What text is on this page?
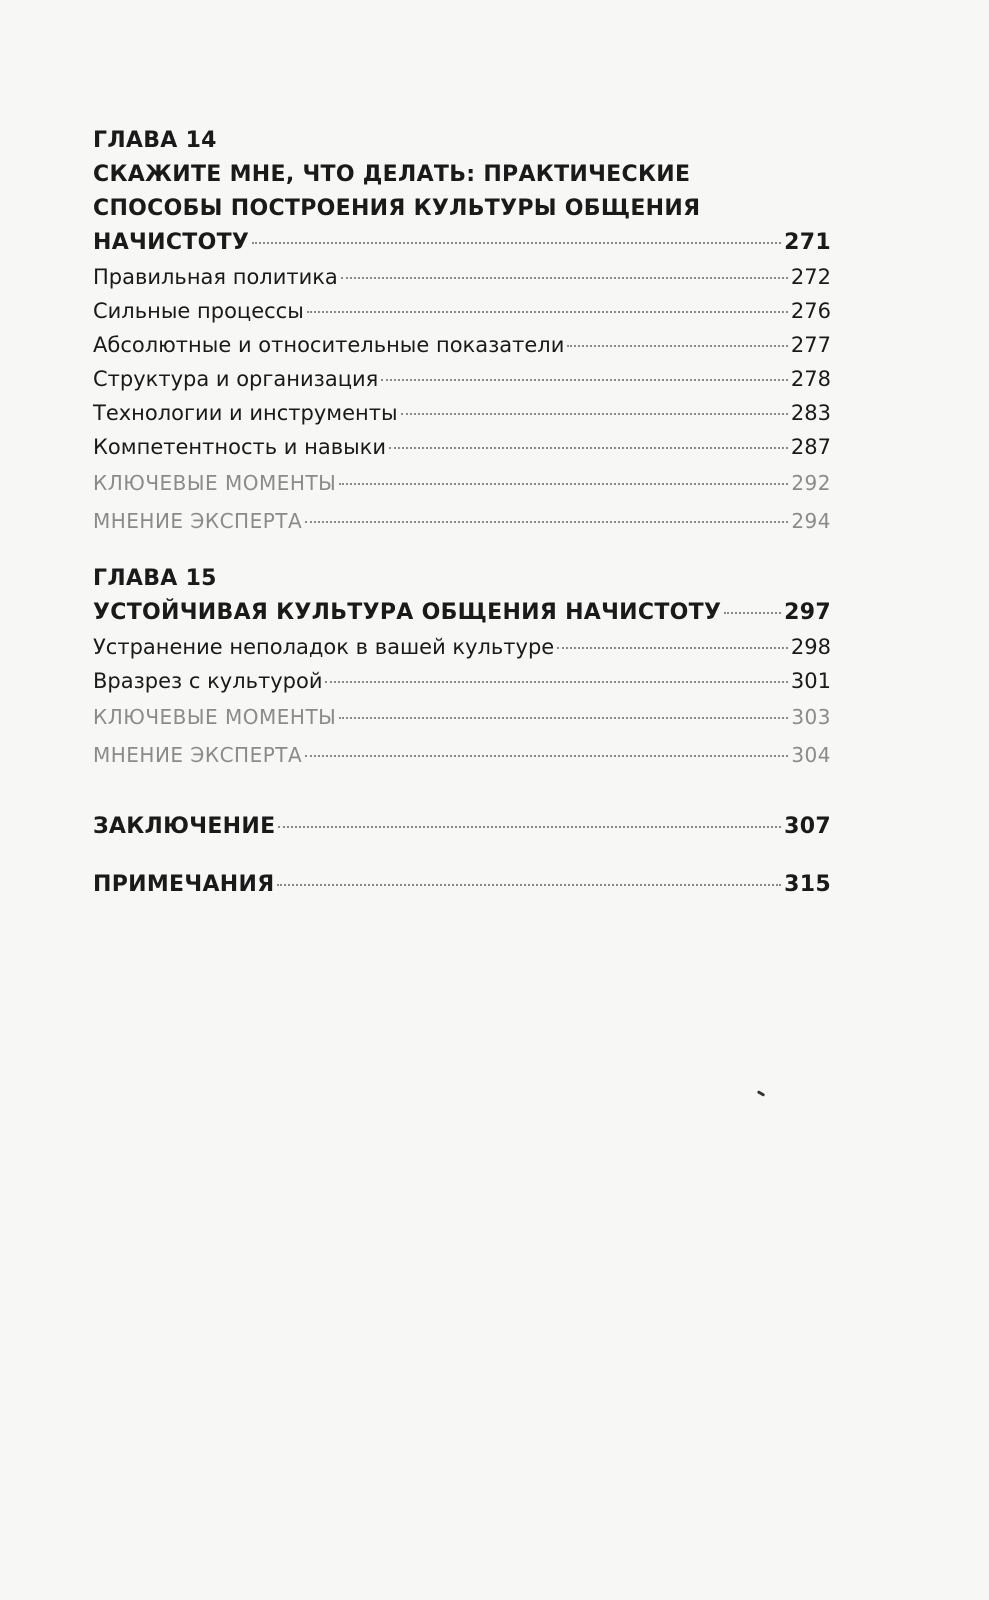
ГЛАВА 14
СКАЖИТЕ МНЕ, ЧТО ДЕЛАТЬ: ПРАКТИЧЕСКИЕ
СПОСОБЫ ПОСТРОЕНИЯ КУЛЬТУРЫ ОБЩЕНИЯ
НАЧИСТОТУ	271
Правильная политика	272
Сильные процессы	276
Абсолютные и относительные показатели	277
Структура и организация	278
Технологии и инструменты	283
Компетентность и навыки	287
КЛЮЧЕВЫЕ МОМЕНТЫ	292
МНЕНИЕ ЭКСПЕРТА	294
ГЛАВА 15
УСТОЙЧИВАЯ КУЛЬТУРА ОБЩЕНИЯ НАЧИСТОТУ	297
Устранение неполадок в вашей культуре	298
Вразрез с культурой	301
КЛЮЧЕВЫЕ МОМЕНТЫ	303
МНЕНИЕ ЭКСПЕРТА	304
ЗАКЛЮЧЕНИЕ	307
ПРИМЕЧАНИЯ	315
